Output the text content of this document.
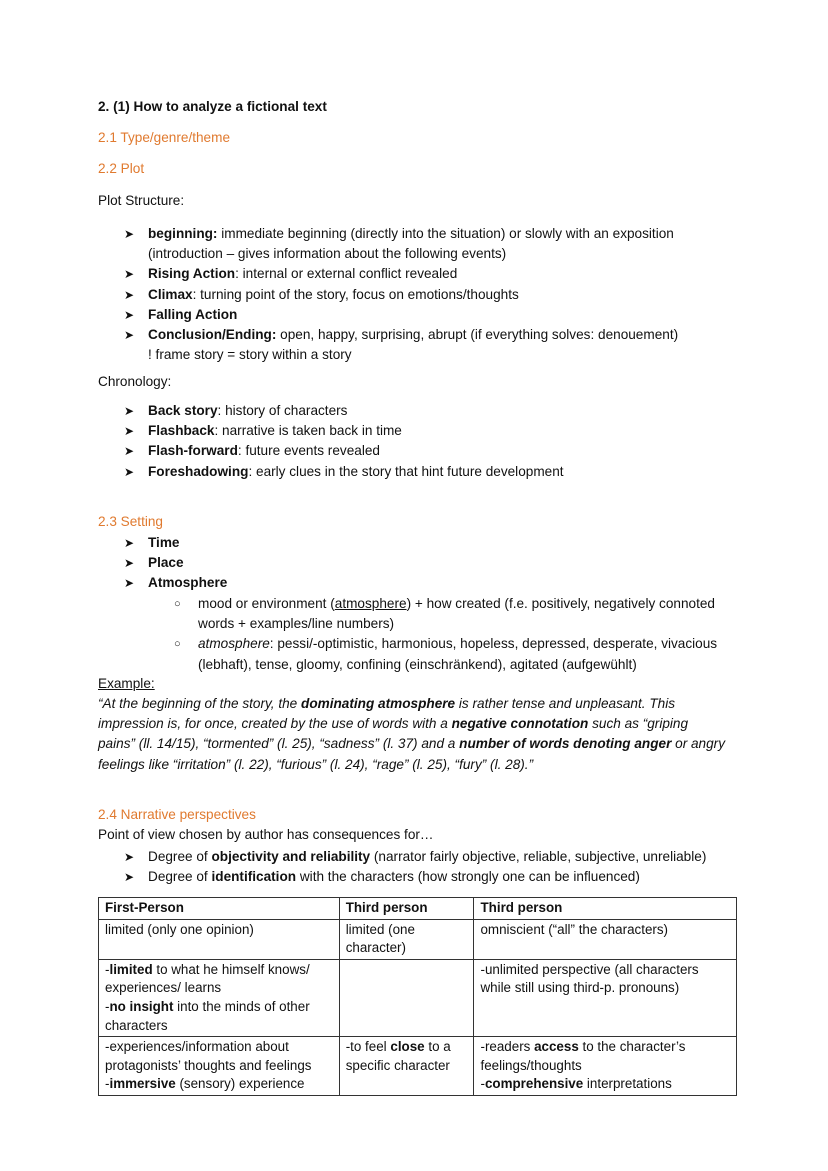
2. (1) How to analyze a fictional text
2.1 Type/genre/theme
2.2 Plot
Plot Structure:
➤ beginning: immediate beginning (directly into the situation) or slowly with an exposition
(introduction – gives information about the following events)
➤ Rising Action: internal or external conflict revealed
➤ Climax: turning point of the story, focus on emotions/thoughts
➤ Falling Action
➤ Conclusion/Ending: open, happy, surprising, abrupt (if everything solves: denouement)
! frame story = story within a story
Chronology:
➤ Back story: history of characters
➤ Flashback: narrative is taken back in time
➤ Flash-forward: future events revealed
➤ Foreshadowing: early clues in the story that hint future development
2.3 Setting
➤ Time
➤ Place
➤ Atmosphere
○ mood or environment (atmosphere) + how created (f.e. positively, negatively connoted words + examples/line numbers)
○ atmosphere: pessi/-optimistic, harmonious, hopeless, depressed, desperate, vivacious (lebhaft), tense, gloomy, confining (einschränkend), agitated (aufgewühlt)
Example:
“At the beginning of the story, the dominating atmosphere is rather tense and unpleasant. This impression is, for once, created by the use of words with a negative connotation such as “griping pains” (ll. 14/15), “tormented” (l. 25), “sadness” (l. 37) and a number of words denoting anger or angry feelings like “irritation” (l. 22), “furious” (l. 24), “rage” (l. 25), “fury” (l. 28).”
2.4 Narrative perspectives
Point of view chosen by author has consequences for…
➤ Degree of objectivity and reliability (narrator fairly objective, reliable, subjective, unreliable)
➤ Degree of identification with the characters (how strongly one can be influenced)
First-Person	Third person	Third person
limited (only one opinion)	limited (one character)	omniscient (“all” the characters)
-limited to what he himself knows/ experiences/ learns
-no insight into the minds of other characters		-unlimited perspective (all characters while still using third-p. pronouns)
-experiences/information about protagonists’ thoughts and feelings
-immersive (sensory) experience	-to feel close to a specific character	-readers access to the character’s feelings/thoughts
-comprehensive interpretations
